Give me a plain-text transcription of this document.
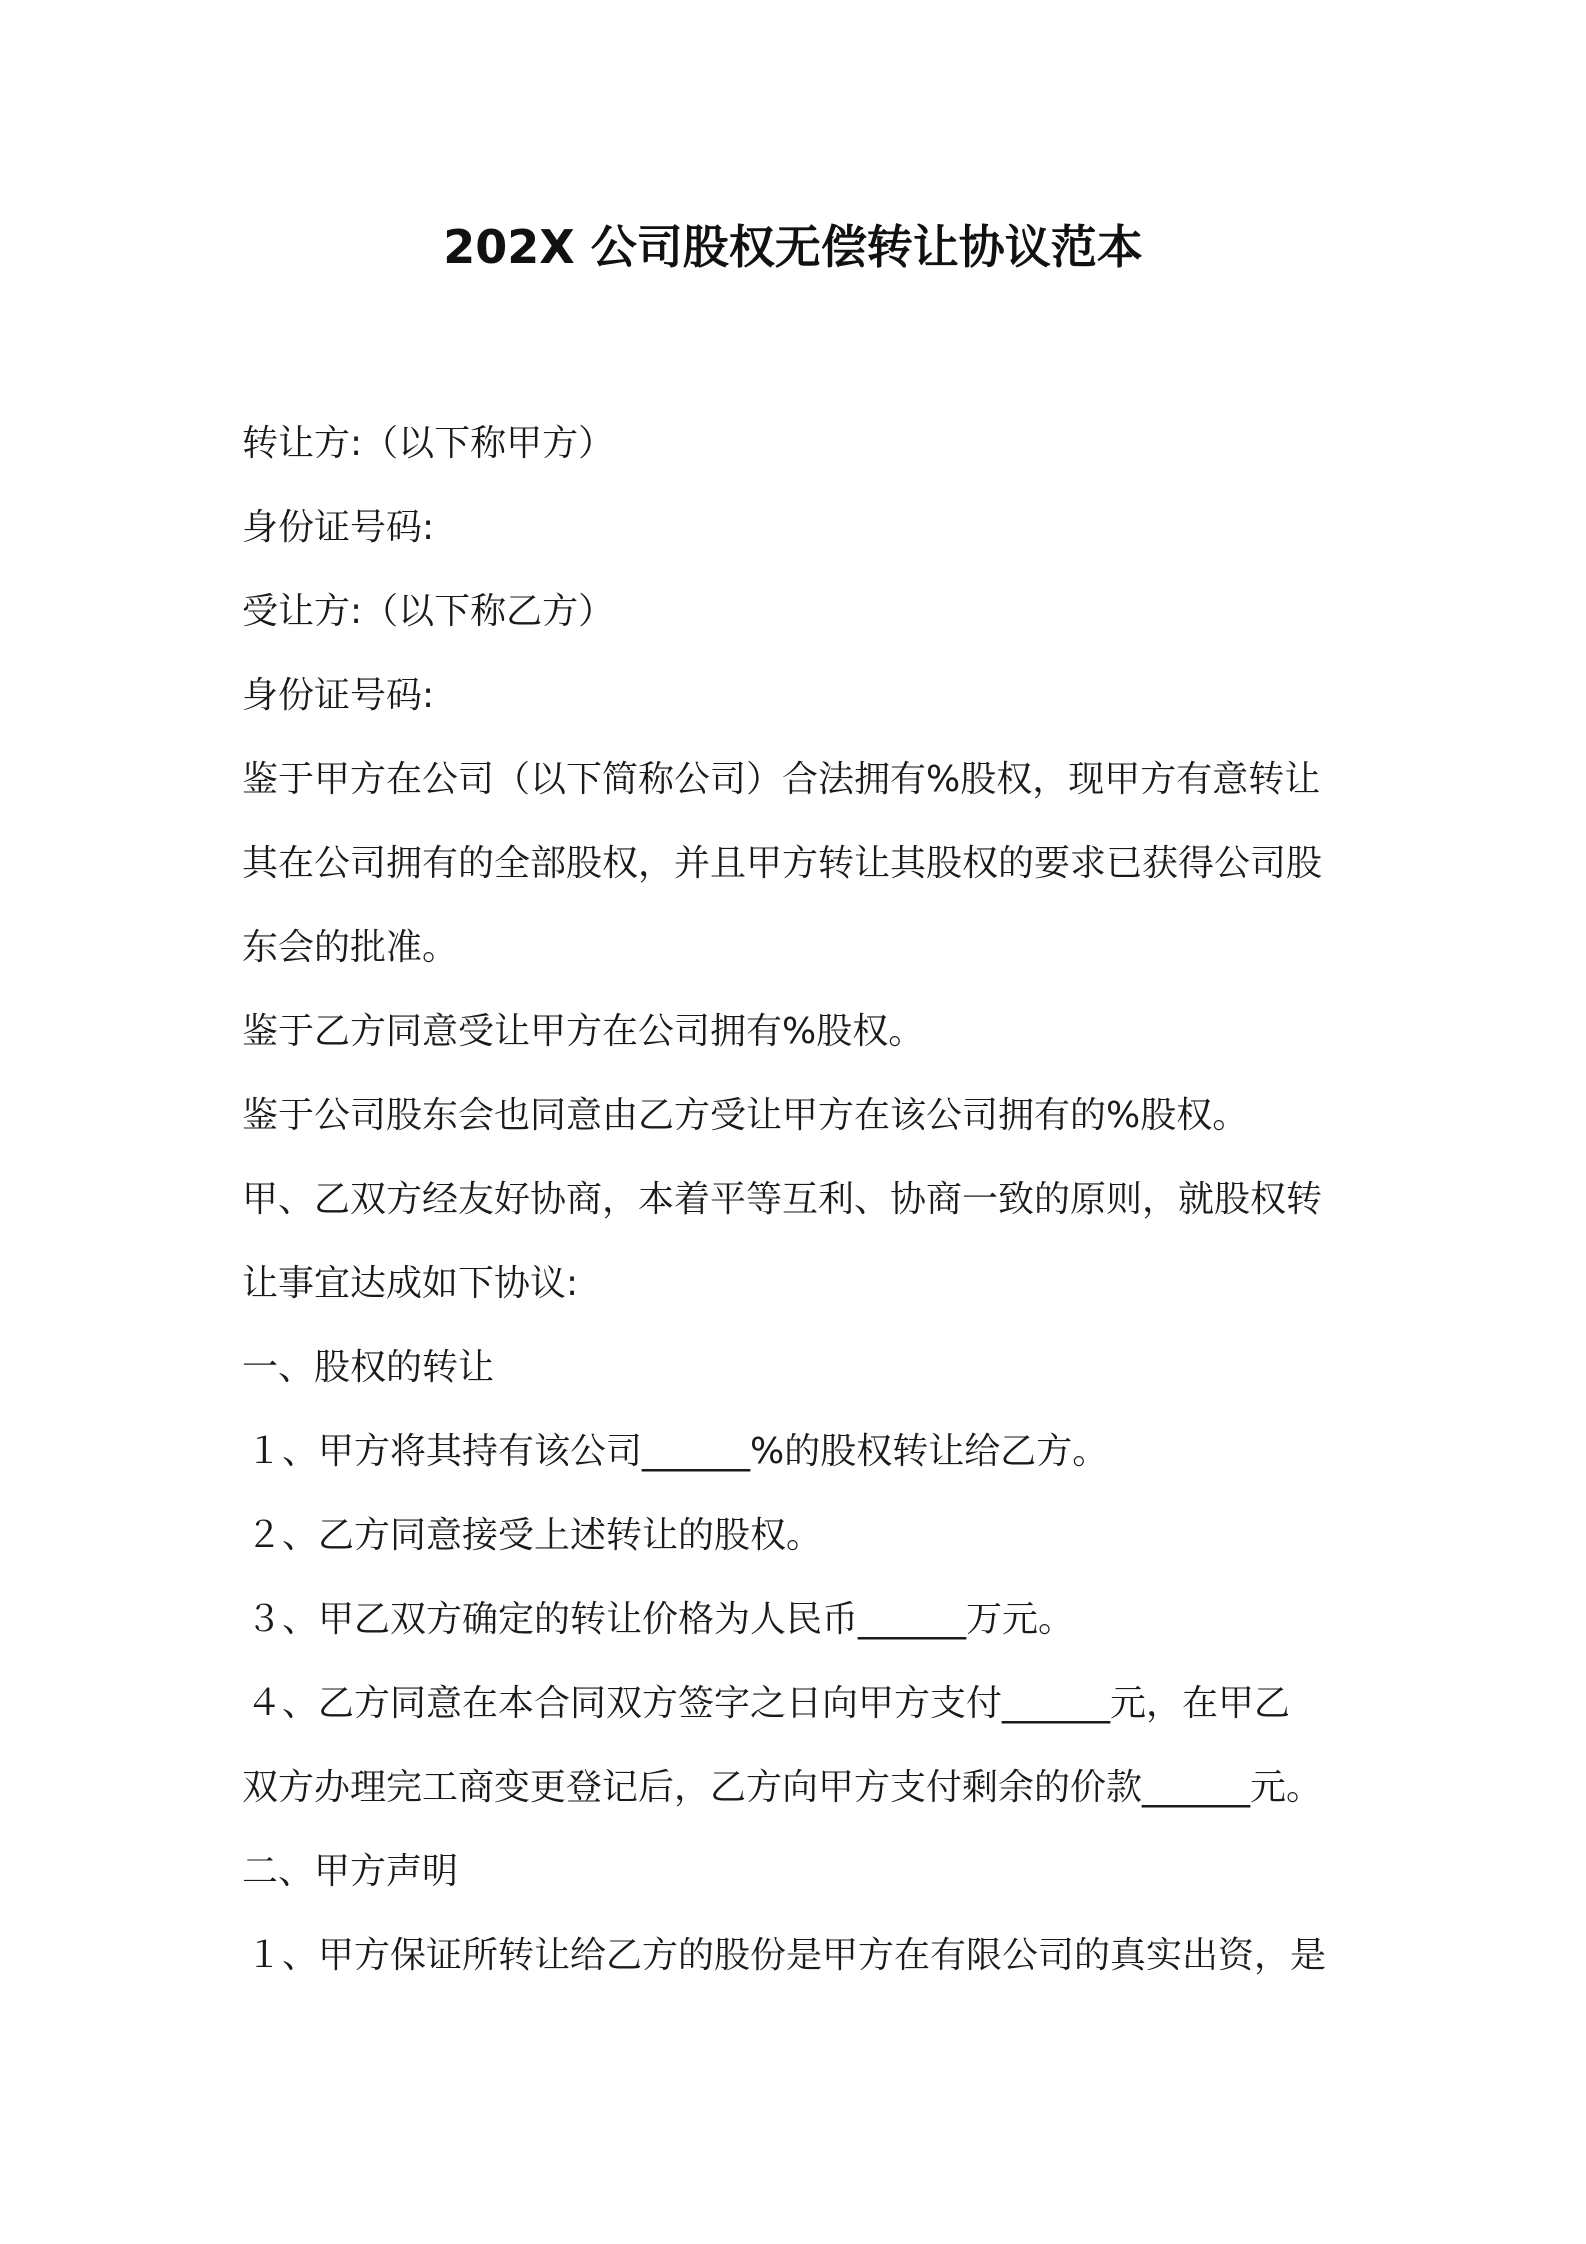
202X 公司股权无偿转让协议范本
转让方:（以下称甲方）
身份证号码:
受让方:（以下称乙方）
身份证号码:
鉴于甲方在公司（以下简称公司）合法拥有%股权，现甲方有意转让
其在公司拥有的全部股权，并且甲方转让其股权的要求已获得公司股
东会的批准。
鉴于乙方同意受让甲方在公司拥有%股权。
鉴于公司股东会也同意由乙方受让甲方在该公司拥有的%股权。
甲、乙双方经友好协商，本着平等互利、协商一致的原则，就股权转
让事宜达成如下协议:
一、股权的转让
１、甲方将其持有该公司______%的股权转让给乙方。
２、乙方同意接受上述转让的股权。
３、甲乙双方确定的转让价格为人民币______万元。
４、乙方同意在本合同双方签字之日向甲方支付______元，在甲乙
双方办理完工商变更登记后，乙方向甲方支付剩余的价款______元。
二、甲方声明
１、甲方保证所转让给乙方的股份是甲方在有限公司的真实出资，是
